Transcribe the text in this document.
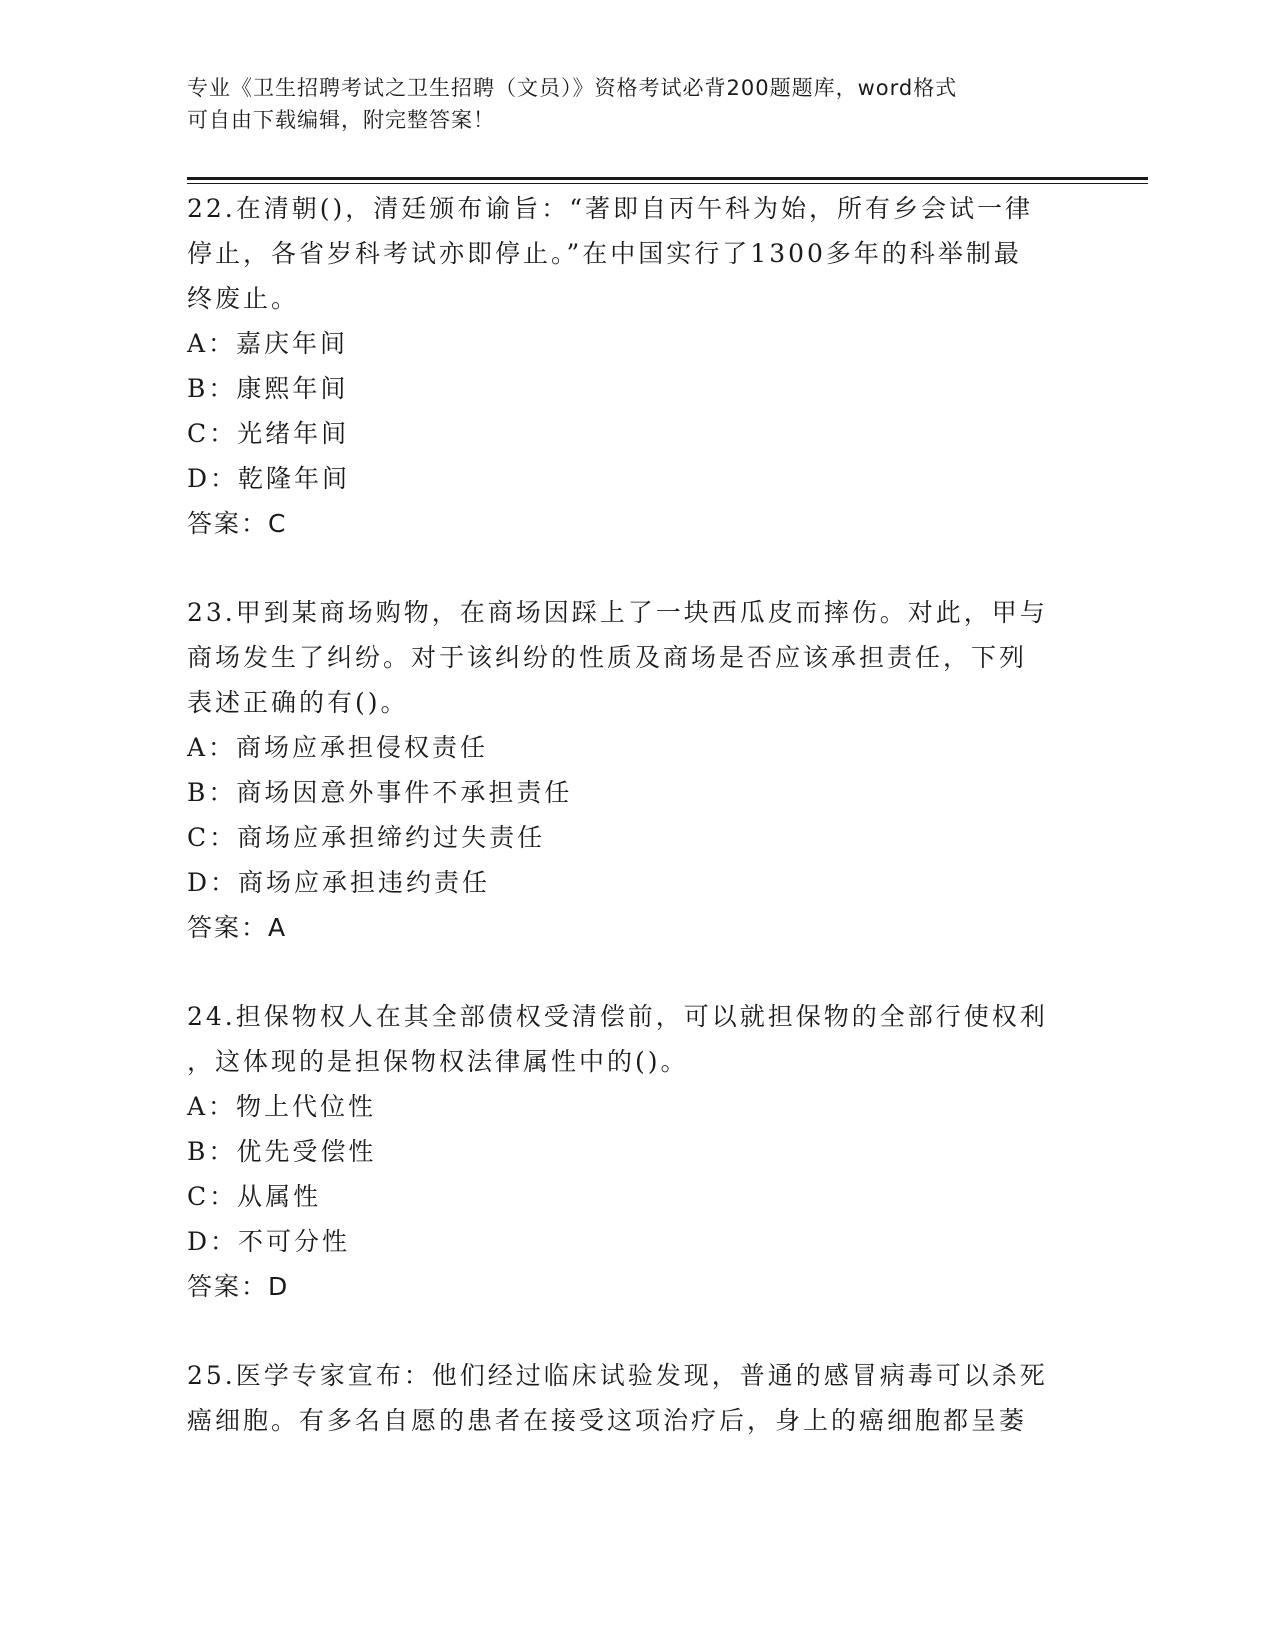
专业《卫生招聘考试之卫生招聘（文员）》资格考试必背200题题库，word格式
可自由下载编辑，附完整答案！
22.在清朝()，清廷颁布谕旨：“著即自丙午科为始，所有乡会试一律
停止，各省岁科考试亦即停止。”在中国实行了1300多年的科举制最
终废止。
A：嘉庆年间
B：康熙年间
C：光绪年间
D：乾隆年间
答案：C
23.甲到某商场购物，在商场因踩上了一块西瓜皮而摔伤。对此，甲与
商场发生了纠纷。对于该纠纷的性质及商场是否应该承担责任，下列
表述正确的有()。
A：商场应承担侵权责任
B：商场因意外事件不承担责任
C：商场应承担缔约过失责任
D：商场应承担违约责任
答案：A
24.担保物权人在其全部债权受清偿前，可以就担保物的全部行使权利
，这体现的是担保物权法律属性中的()。
A：物上代位性
B：优先受偿性
C：从属性
D：不可分性
答案：D
25.医学专家宣布：他们经过临床试验发现，普通的感冒病毒可以杀死
癌细胞。有多名自愿的患者在接受这项治疗后，身上的癌细胞都呈萎
